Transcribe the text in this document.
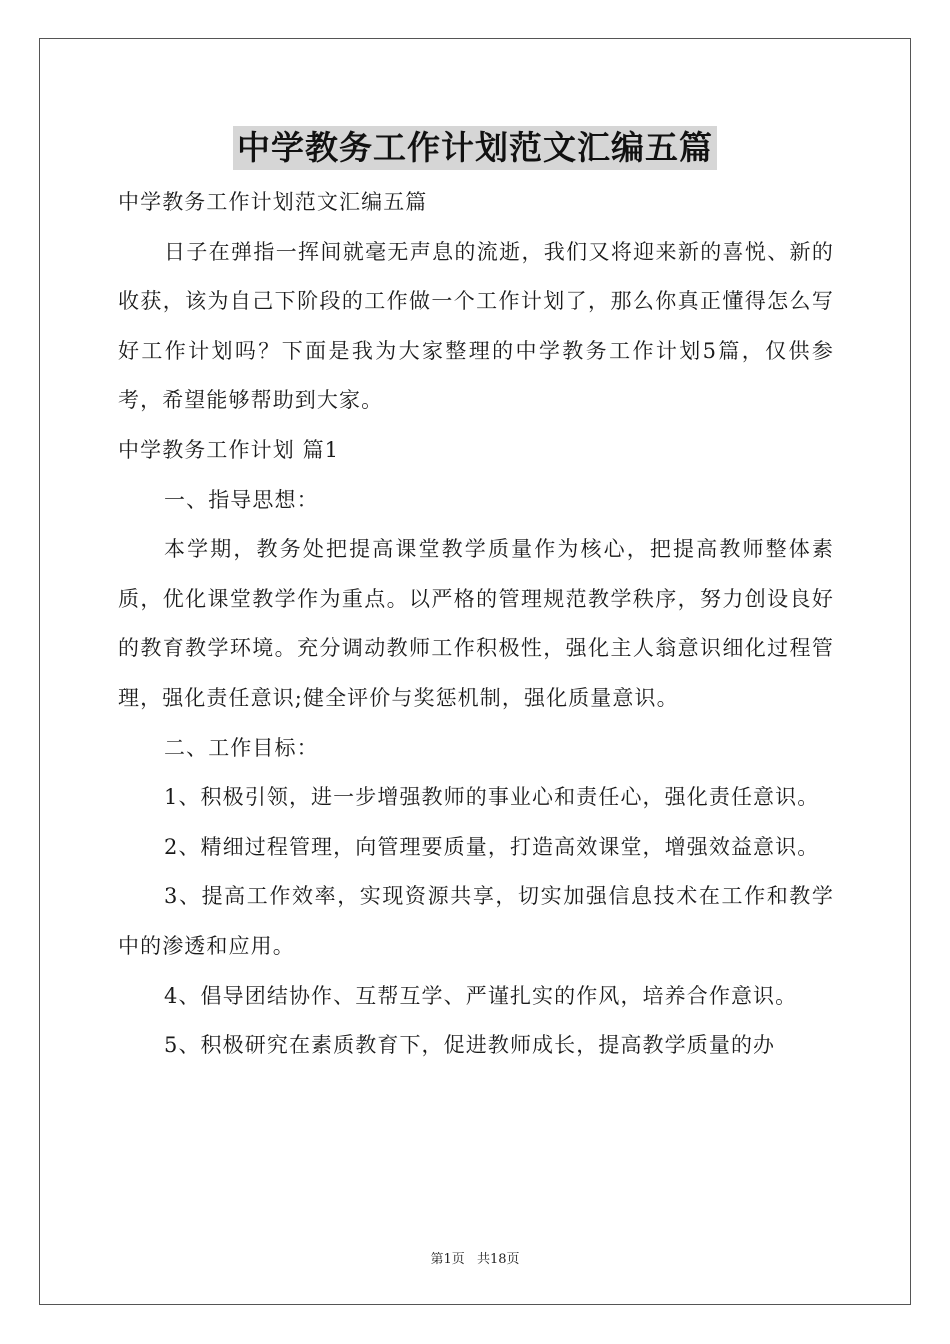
中学教务工作计划范文汇编五篇

中学教务工作计划范文汇编五篇

日子在弹指一挥间就毫无声息的流逝，我们又将迎来新的喜悦、新的收获，该为自己下阶段的工作做一个工作计划了，那么你真正懂得怎么写好工作计划吗？下面是我为大家整理的中学教务工作计划5篇，仅供参考，希望能够帮助到大家。

中学教务工作计划 篇1

一、指导思想：

本学期，教务处把提高课堂教学质量作为核心，把提高教师整体素质，优化课堂教学作为重点。以严格的管理规范教学秩序，努力创设良好的教育教学环境。充分调动教师工作积极性，强化主人翁意识细化过程管理，强化责任意识;健全评价与奖惩机制，强化质量意识。

二、工作目标：

1、积极引领，进一步增强教师的事业心和责任心，强化责任意识。

2、精细过程管理，向管理要质量，打造高效课堂，增强效益意识。

3、提高工作效率，实现资源共享，切实加强信息技术在工作和教学中的渗透和应用。

4、倡导团结协作、互帮互学、严谨扎实的作风，培养合作意识。

5、积极研究在素质教育下，促进教师成长，提高教学质量的办

第1页 共18页
